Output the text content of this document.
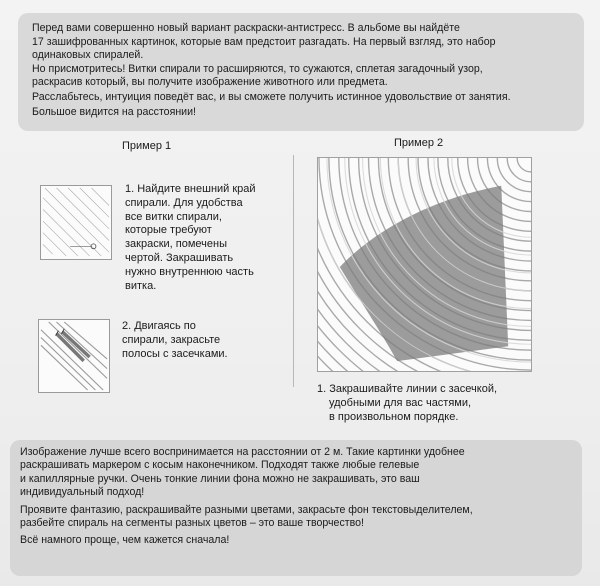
Перед вами совершенно новый вариант раскраски-антистресс. В альбоме вы найдёте

17 зашифрованных картинок, которые вам предстоит разгадать. На первый взгляд, это набор

одинаковых спиралей.

Но присмотритесь! Витки спирали то расширяются, то сужаются, сплетая загадочный узор,

раскрасив который, вы получите изображение животного или предмета.

Расслабьтесь, интуиция поведёт вас, и вы сможете получить истинное удовольствие от занятия.

Большое видится на расстоянии!

Пример 1	Пример 2
1. Найдите внешний край
спирали. Для удобства
все витки спирали,
которые требуют
закраски, помечены
чертой. Закрашивать
нужно внутреннюю часть
витка.
2. Двигаясь по
спирали, закрасьте
полосы с засечками.
1. Закрашивайте линии с засечкой,
удобными для вас частями,
в произвольном порядке.

Изображение лучше всего воспринимается на расстоянии от 2 м. Такие картинки удобнее
раскрашивать маркером с косым наконечником. Подходят также любые гелевые
и капиллярные ручки. Очень тонкие линии фона можно не закрашивать, это ваш
индивидуальный подход!

Проявите фантазию, раскрашивайте разными цветами, закрасьте фон текстовыделителем,
разбейте спираль на сегменты разных цветов – это ваше творчество!

Всё намного проще, чем кажется сначала!
